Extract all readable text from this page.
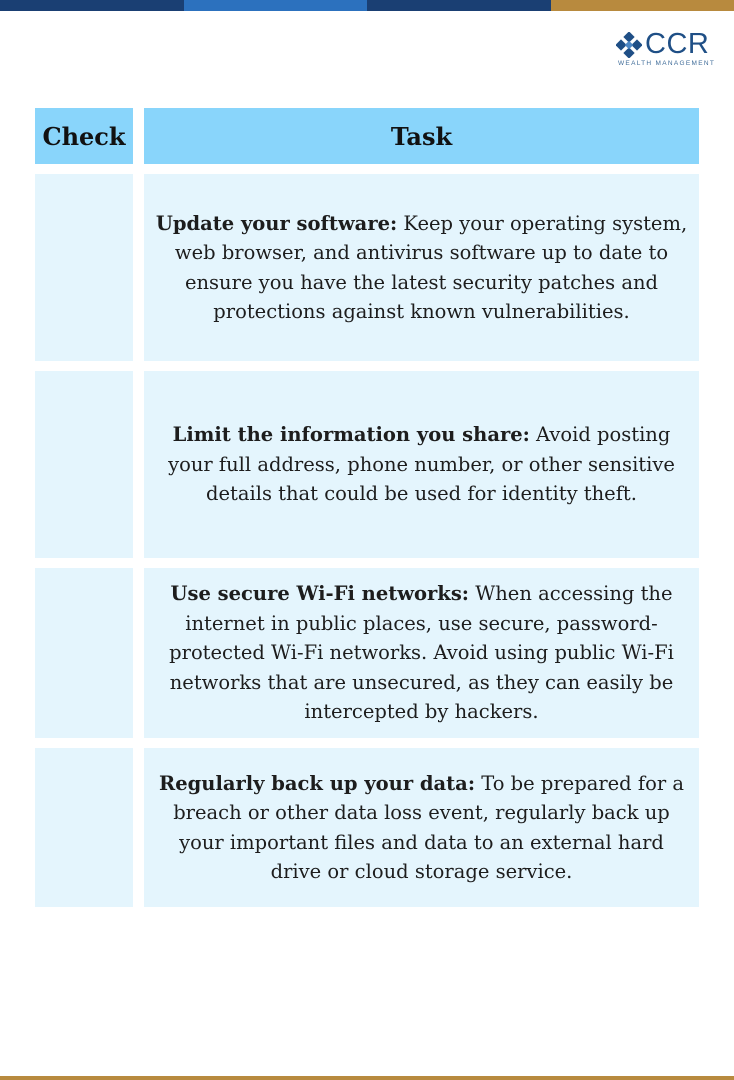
CCR
WEALTH MANAGEMENT
Check	Task

Update your software: Keep your operating system, web browser, and antivirus software up to date to ensure you have the latest security patches and protections against known vulnerabilities.

Limit the information you share: Avoid posting your full address, phone number, or other sensitive details that could be used for identity theft.

Use secure Wi-Fi networks: When accessing the internet in public places, use secure, password-protected Wi-Fi networks. Avoid using public Wi-Fi networks that are unsecured, as they can easily be intercepted by hackers.

Regularly back up your data: To be prepared for a breach or other data loss event, regularly back up your important files and data to an external hard drive or cloud storage service.
